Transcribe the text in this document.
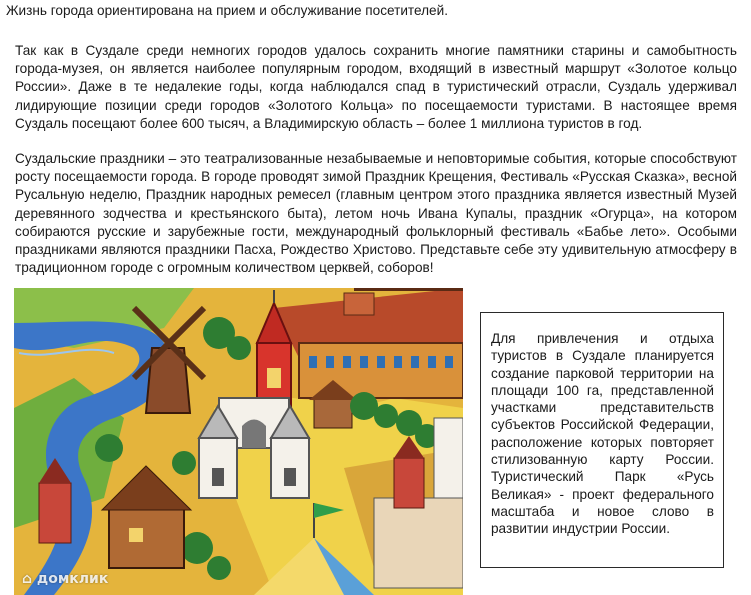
Жизнь города ориентирована на прием и обслуживание посетителей.

Так как в Суздале среди немногих городов удалось сохранить многие памятники старины и самобытность города-музея, он является наиболее популярным городом, входящий в известный маршрут «Золотое кольцо России». Даже в те недалекие годы, когда наблюдался спад в туристический отрасли, Суздаль удерживал лидирующие позиции среди городов «Золотого Кольца» по посещаемости туристами. В настоящее время Суздаль посещают более 600 тысяч, а Владимирскую область – более 1 миллиона туристов в год.

Суздальские праздники – это театрализованные незабываемые и неповторимые события, которые способствуют росту посещаемости города. В городе проводят зимой Праздник Крещения, Фестиваль «Русская Сказка», весной Русальную неделю, Праздник народных ремесел (главным центром этого праздника является известный Музей деревянного зодчества и крестьянского быта), летом ночь Ивана Купалы, праздник «Огурца», на котором собираются русские и зарубежные гости, международный фольклорный фестиваль «Бабье лето». Особыми праздниками являются праздники Пасха, Рождество Христово. Представьте себе эту удивительную атмосферу в традиционном городе с огромным количеством церквей, соборов!

⌂ домклик

Для привлечения и отдыха туристов в Суздале планируется создание парковой территории на площади 100 га, представленной участками представительств субъектов Российской Федерации, расположение которых повторяет стилизованную карту России. Туристический Парк «Русь Великая» - проект федерального масштаба и новое слово в развитии индустрии России.
